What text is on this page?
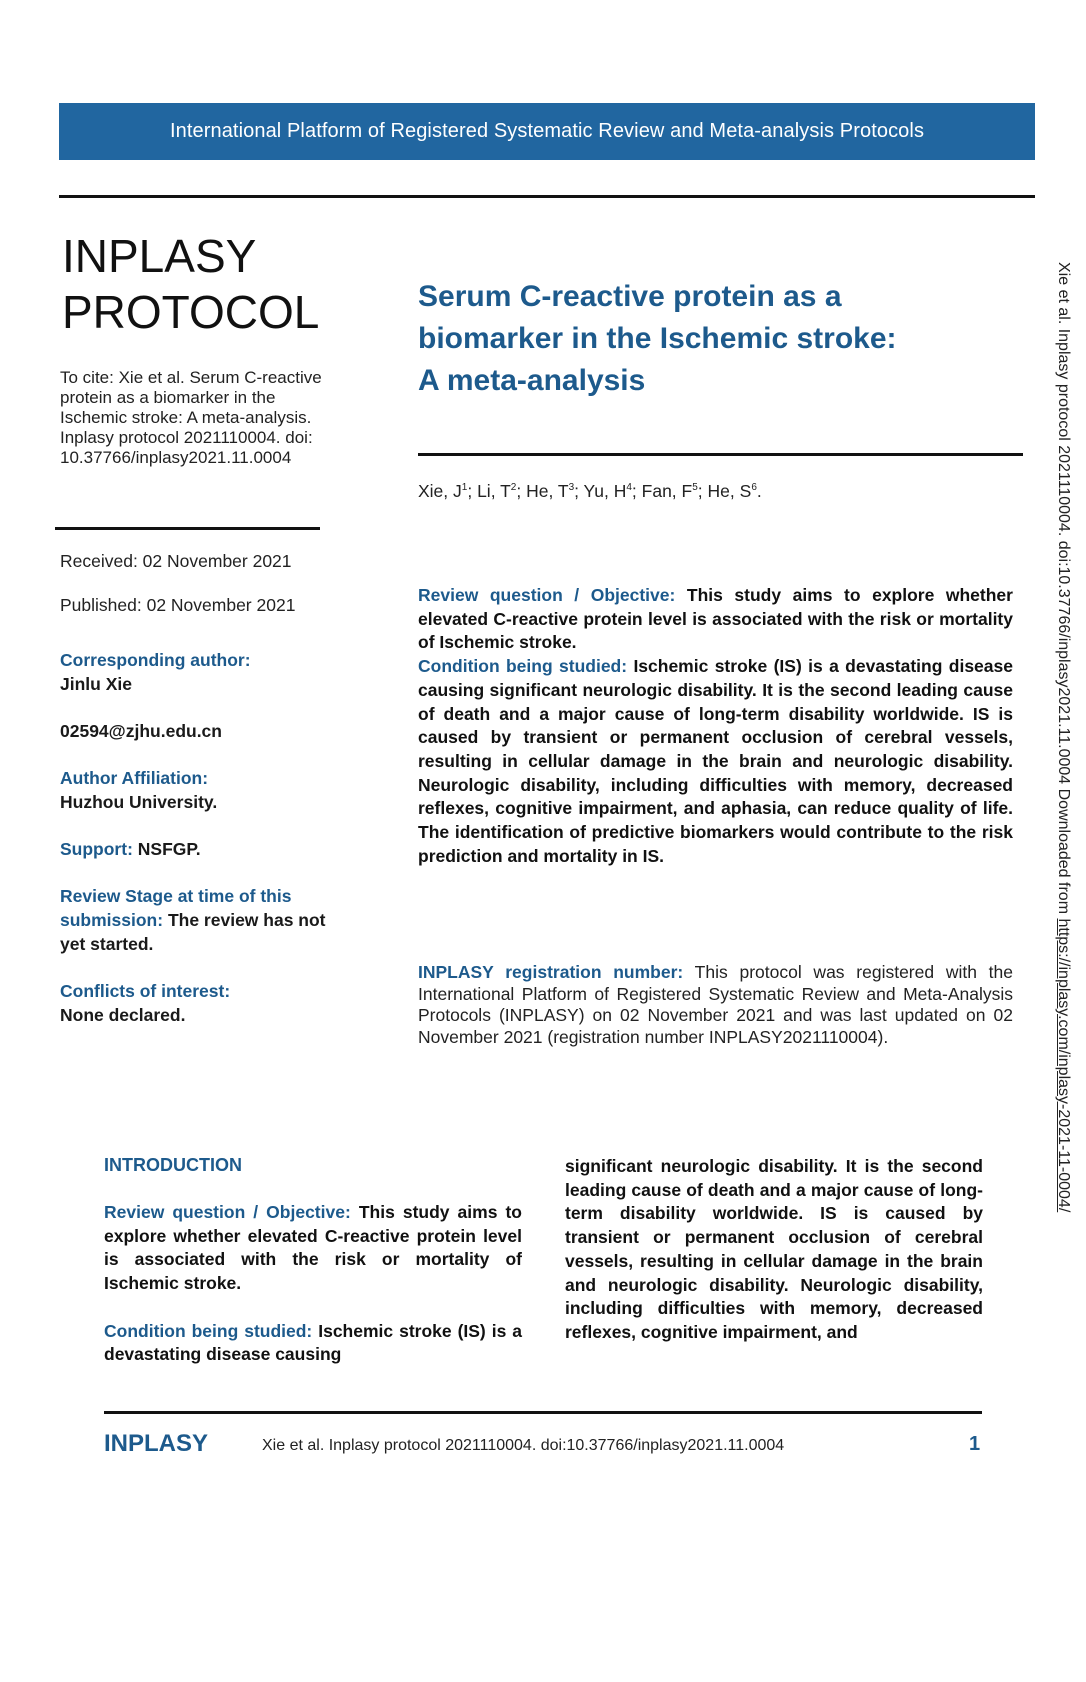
International Platform of Registered Systematic Review and Meta-analysis Protocols
INPLASY
PROTOCOL
To cite: Xie et al. Serum C-reactive protein as a biomarker in the Ischemic stroke: A meta-analysis. Inplasy protocol 2021110004. doi: 10.37766/inplasy2021.11.0004
Received: 02 November 2021
Published: 02 November 2021
Corresponding author:
Jinlu Xie
02594@zjhu.edu.cn
Author Affiliation:
Huzhou University.
Support: NSFGP.
Review Stage at time of this submission: The review has not yet started.
Conflicts of interest:
None declared.
Serum C-reactive protein as a
biomarker in the Ischemic stroke:
A meta-analysis
Xie, $J^1$; Li, $T^2$; He, $T^3$; Yu, $H^4$; Fan, $F^5$; He, $S^6$.

Review question / Objective: This study aims to explore whether elevated C-reactive protein level is associated with the risk or mortality of Ischemic stroke.

Condition being studied: Ischemic stroke (IS) is a devastating disease causing significant neurologic disability. It is the second leading cause of death and a major cause of long-term disability worldwide. IS is caused by transient or permanent occlusion of cerebral vessels, resulting in cellular damage in the brain and neurologic disability. Neurologic disability, including difficulties with memory, decreased reflexes, cognitive impairment, and aphasia, can reduce quality of life. The identification of predictive biomarkers would contribute to the risk prediction and mortality in IS.

INPLASY registration number: This protocol was registered with the International Platform of Registered Systematic Review and Meta-Analysis Protocols (INPLASY) on 02 November 2021 and was last updated on 02 November 2021 (registration number INPLASY2021110004).
INTRODUCTION

Review question / Objective: This study aims to explore whether elevated C-reactive protein level is associated with the risk or mortality of Ischemic stroke.

Condition being studied: Ischemic stroke (IS) is a devastating disease causing

significant neurologic disability. It is the second leading cause of death and a major cause of long-term disability worldwide. IS is caused by transient or permanent occlusion of cerebral vessels, resulting in cellular damage in the brain and neurologic disability. Neurologic disability, including difficulties with memory, decreased reflexes, cognitive impairment, and

INPLASY	Xie et al. Inplasy protocol 2021110004. doi:10.37766/inplasy2021.11.0004	1
Xie et al. Inplasy protocol 2021110004. doi:10.37766/inplasy2021.11.0004 Downloaded from https://inplasy.com/inplasy-2021-11-0004/
